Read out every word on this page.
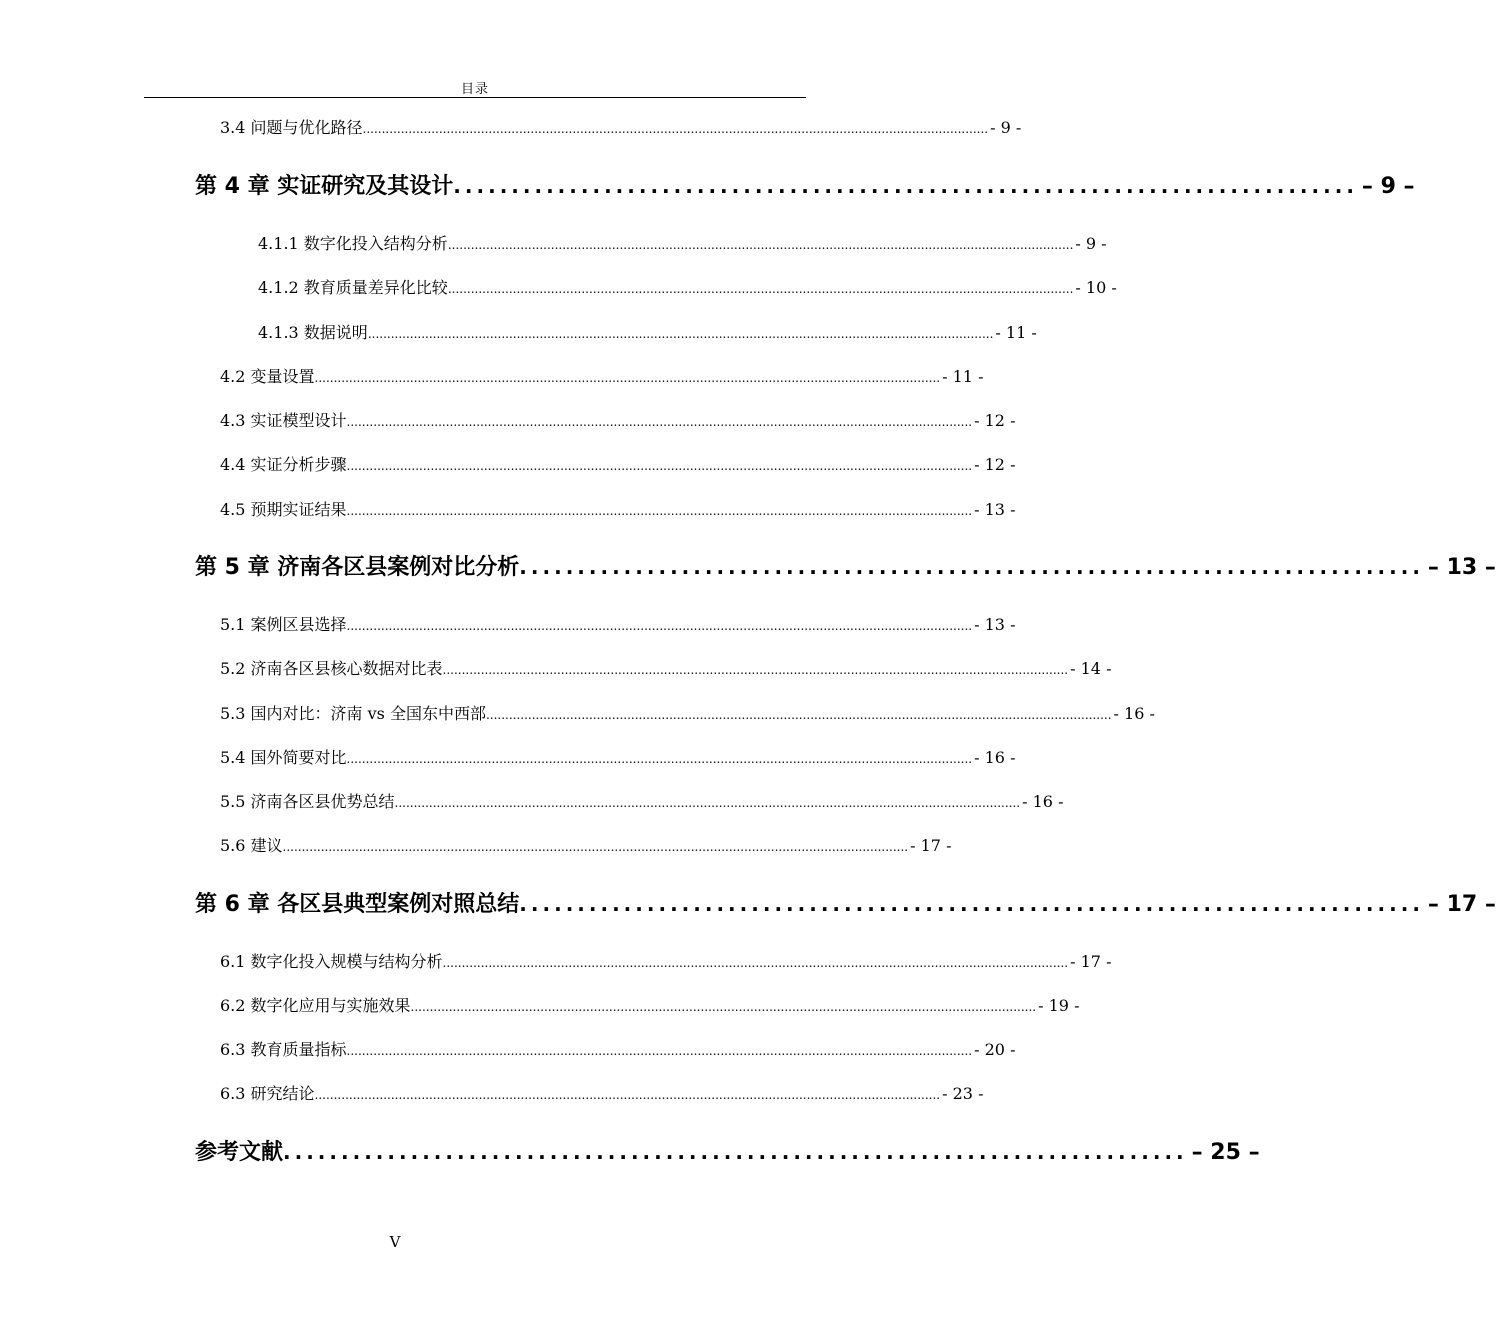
目录
3.4 问题与优化路径 .................................................................................................................................................................... - 9 -
第 4 章 实证研究及其设计 .............................................................................. – 9 –
4.1.1 数字化投入结构分析 .................................................................................................................................................................... - 9 -
4.1.2 教育质量差异化比较 .................................................................................................................................................................... - 10 -
4.1.3 数据说明 .................................................................................................................................................................... - 11 -
4.2 变量设置 .................................................................................................................................................................... - 11 -
4.3 实证模型设计 .................................................................................................................................................................... - 12 -
4.4 实证分析步骤 .................................................................................................................................................................... - 12 -
4.5 预期实证结果 .................................................................................................................................................................... - 13 -
第 5 章 济南各区县案例对比分析 .............................................................................. – 13 –
5.1 案例区县选择 .................................................................................................................................................................... - 13 -
5.2 济南各区县核心数据对比表 .................................................................................................................................................................... - 14 -
5.3 国内对比：济南 vs 全国东中西部 .................................................................................................................................................................... - 16 -
5.4 国外简要对比 .................................................................................................................................................................... - 16 -
5.5 济南各区县优势总结 .................................................................................................................................................................... - 16 -
5.6 建议 .................................................................................................................................................................... - 17 -
第 6 章 各区县典型案例对照总结 .............................................................................. – 17 –
6.1 数字化投入规模与结构分析 .................................................................................................................................................................... - 17 -
6.2 数字化应用与实施效果 .................................................................................................................................................................... - 19 -
6.3 教育质量指标 .................................................................................................................................................................... - 20 -
6.3 研究结论 .................................................................................................................................................................... - 23 -
参考文献 .............................................................................. – 25 –
V
